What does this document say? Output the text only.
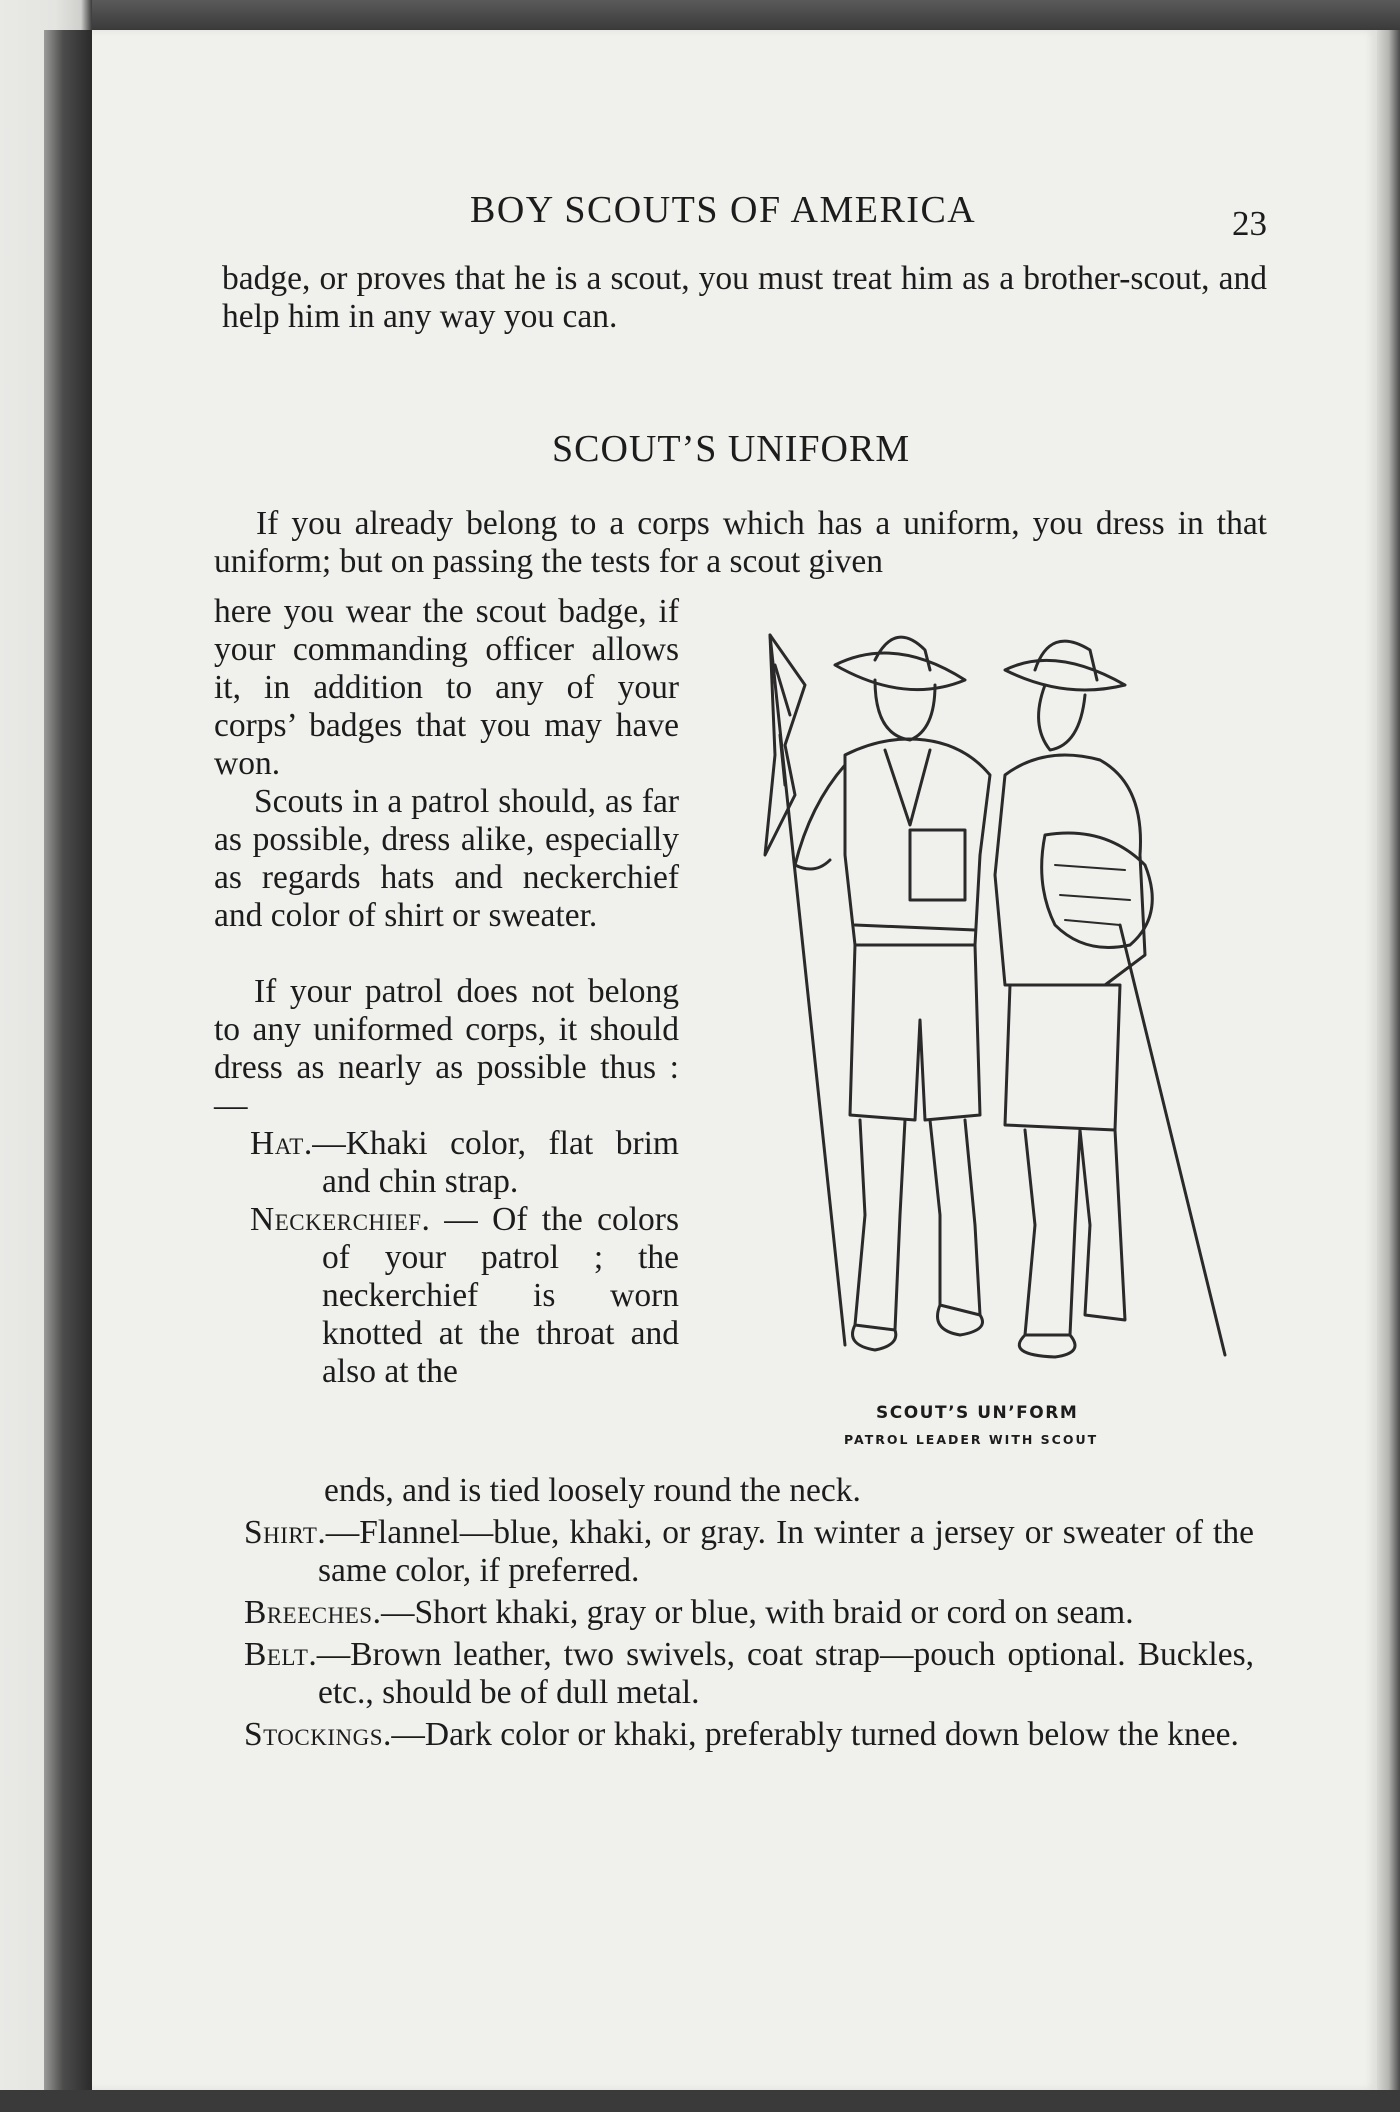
BOY SCOUTS OF AMERICA	23
badge, or proves that he is a scout, you must treat him as a brother-scout, and help him in any way you can.
SCOUT’S UNIFORM
If you already belong to a corps which has a uniform, you dress in that uniform; but on passing the tests for a scout given

here you wear the scout badge, if your commanding officer allows it, in addition to any of your corps’ badges that you may have won.

Scouts in a patrol should, as far as possible, dress alike, especially as regards hats and neckerchief and color of shirt or sweater.

If your patrol does not belong to any uniformed corps, it should dress as nearly as possible thus :—

Hat.—Khaki color, flat brim and chin strap.

Neckerchief. — Of the colors of your patrol ; the neckerchief is worn knotted at the throat and also at the

ends, and is tied loosely round the neck.

Shirt.—Flannel—blue, khaki, or gray. In winter a jersey or sweater of the same color, if preferred.

Breeches.—Short khaki, gray or blue, with braid or cord on seam.

Belt.—Brown leather, two swivels, coat strap—pouch optional. Buckles, etc., should be of dull metal.

Stockings.—Dark color or khaki, preferably turned down below the knee.

SCOUT’S UN’FORM
PATROL LEADER WITH SCOUT
